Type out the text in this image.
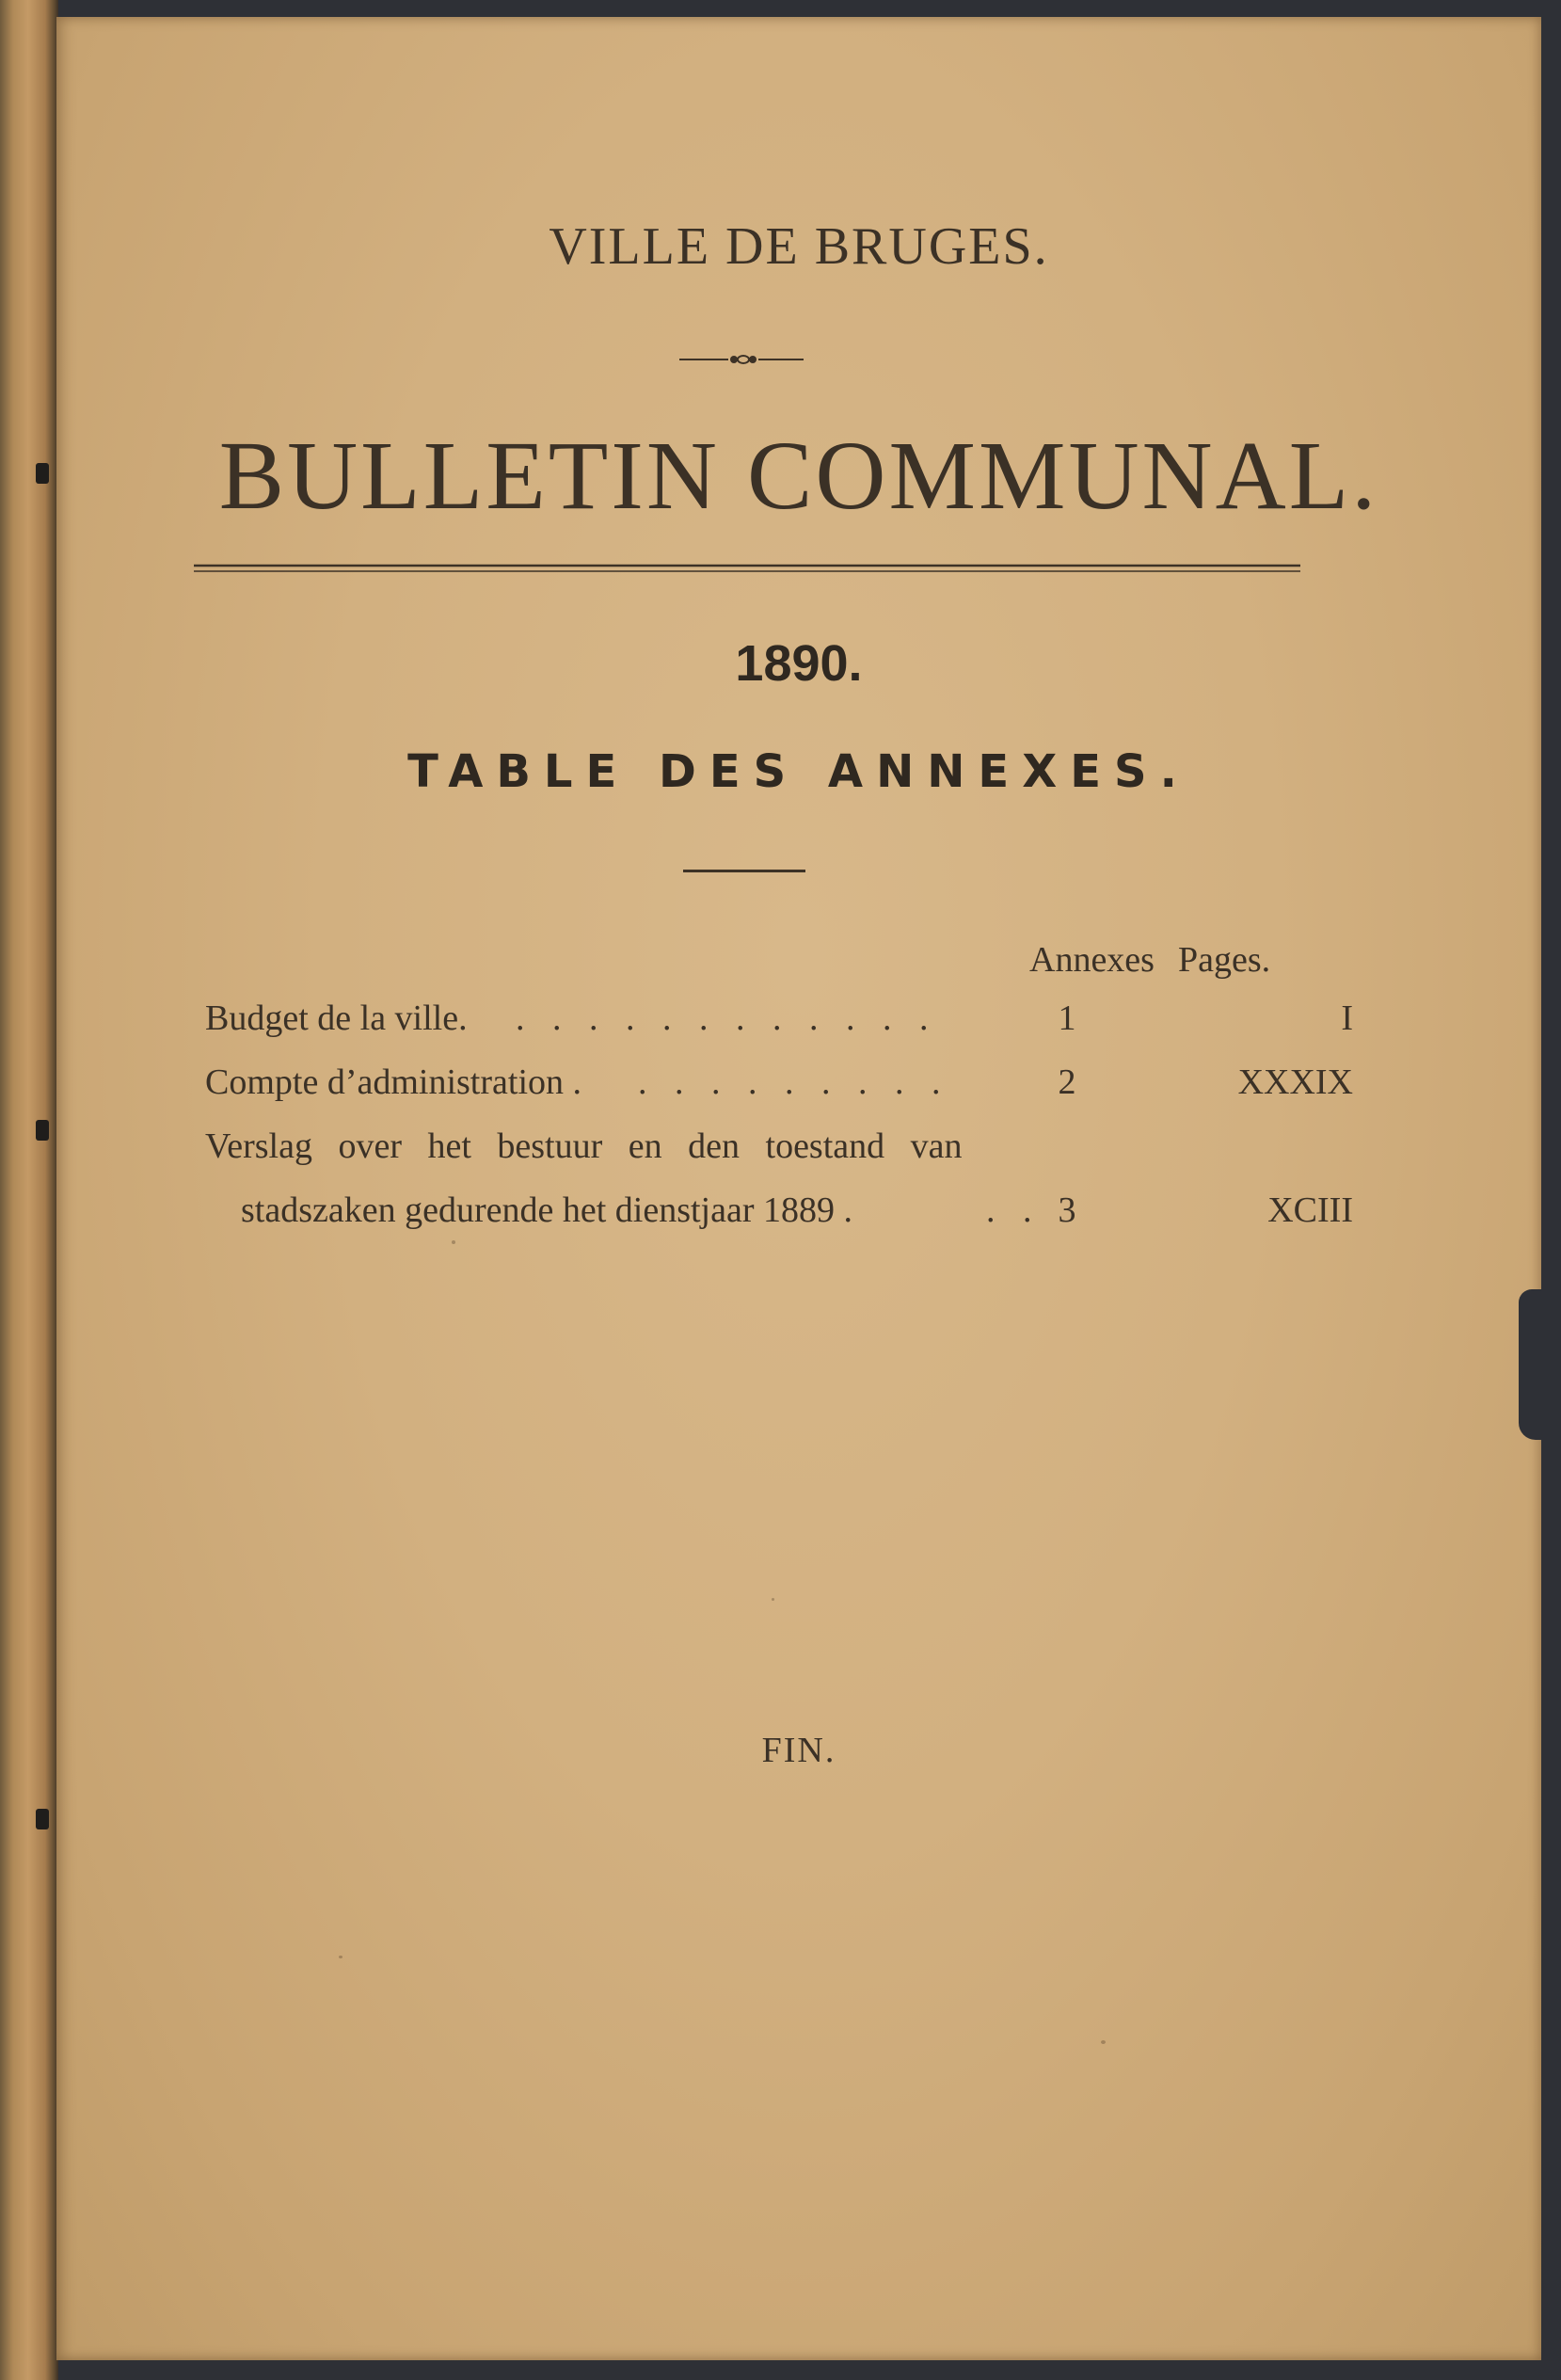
VILLE DE BRUGES.
BULLETIN COMMUNAL.
1890.
TABLE DES ANNEXES.
Annexes Pages.
Budget de la ville. . . . . . . . . . . . .	1	I
Compte d’administration . . . . . . . . . .	2	XXXIX
Verslag over het bestuur en den toestand van
stadszaken gedurende het dienstjaar 1889 .	. . 3	XCIII
FIN.
